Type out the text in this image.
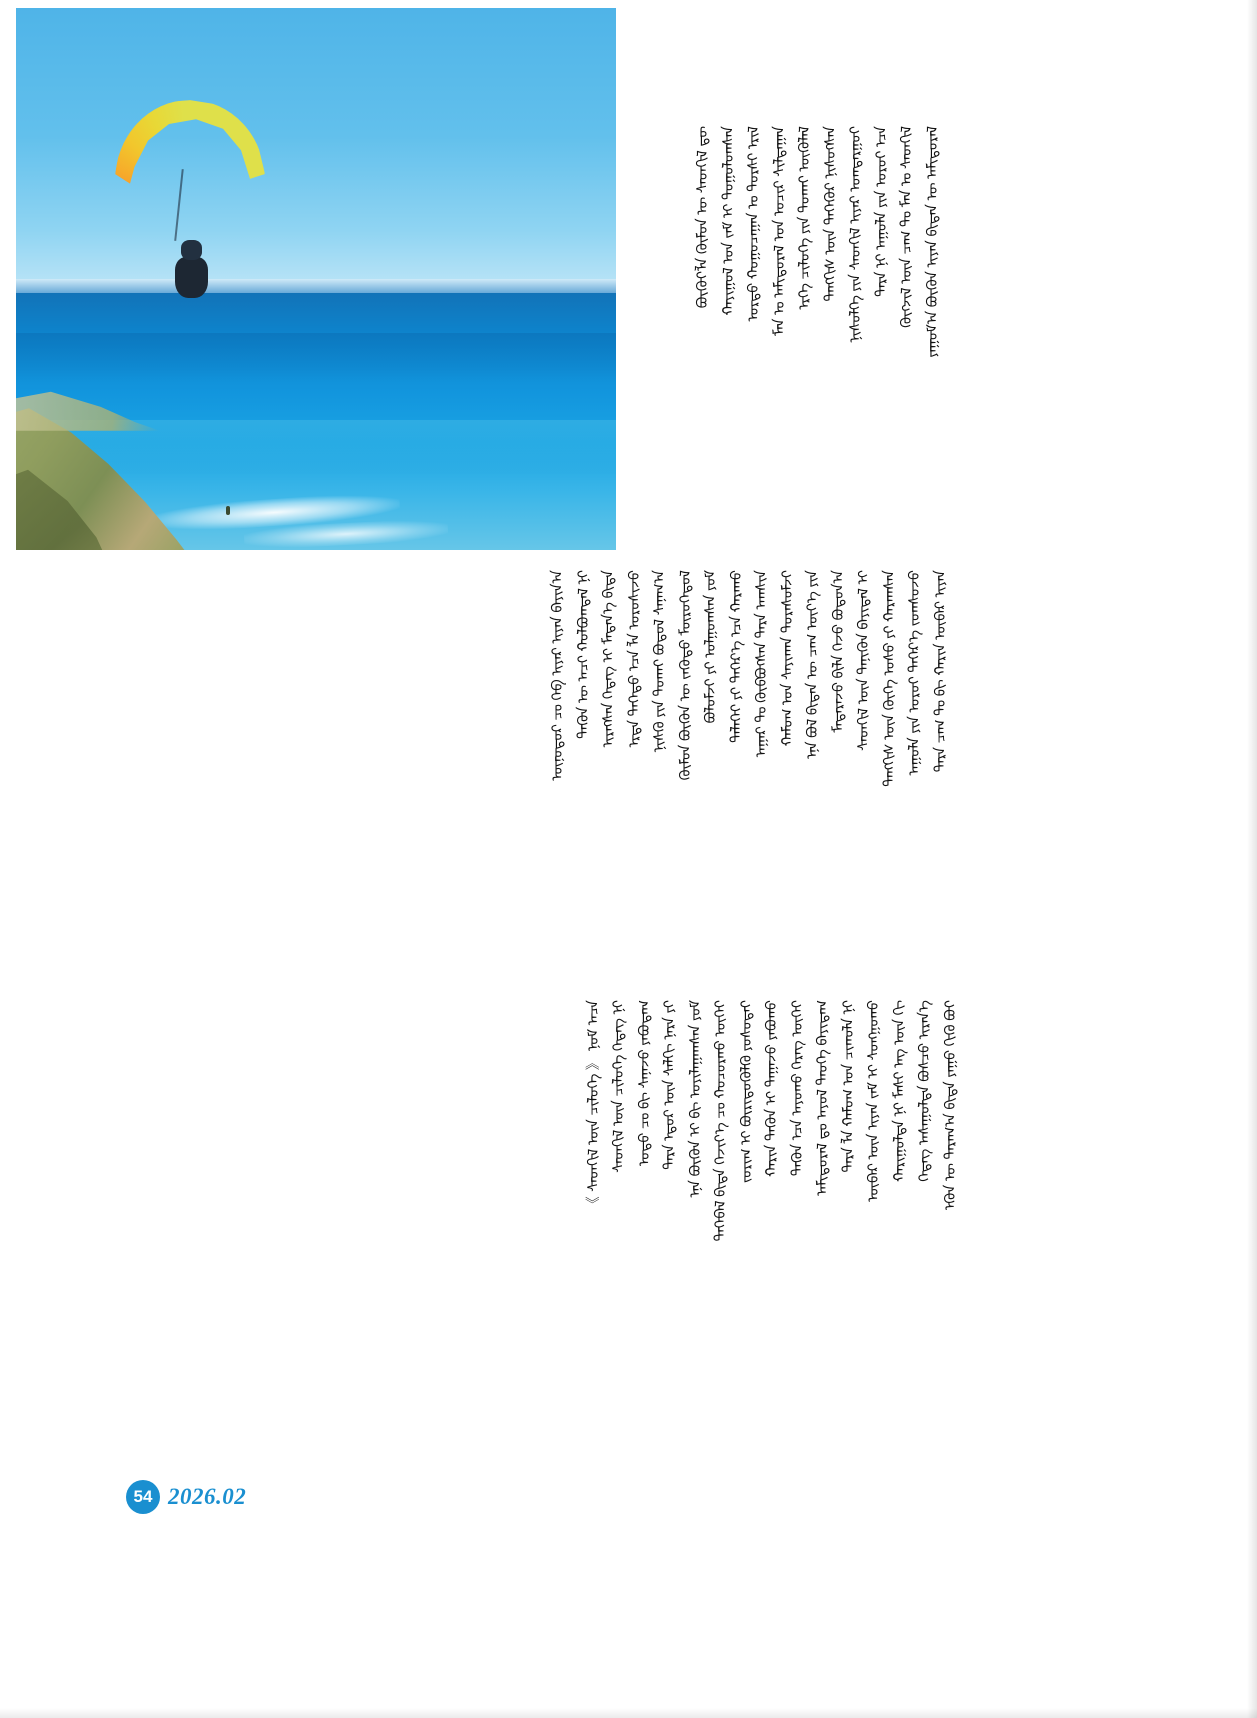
ᠶᠠᠭᠤᠮ᠎ᠠ ᠪᠦᠬᠦᠨ ᠢᠶᠡᠨ ᠪᠢᠳᠡᠨ ᠦ ᠠᠮᠢᠳᠤᠷᠠᠯ
ᠬᠥᠭᠵᠢᠯ ᠦᠨ ᠴᠠᠭ ᠲᠤ ᠮᠠᠨ ᠤ ᠰᠡᠳᠬᠢᠯ
ᠲᠡᠷᠡ ᠨᠢ ᠠᠭᠤᠯᠠ ᠶᠢᠨ ᠣᠷᠤᠢ ᠡᠴᠡ
ᠨᠢᠰᠦᠯᠭᠡ ᠶᠢᠨ ᠰᠡᠳᠬᠢᠯ ᠢᠶᠡᠷ ᠣᠭᠲᠠᠷᠭᠤᠢ
ᠲᠡᠩᠭᠢᠰ ᠦᠨ ᠳᠡᠭᠡᠭᠦᠷ ᠨᠢᠰᠦᠭᠰᠡᠨ
ᠡᠷᠬᠡ ᠴᠢᠯᠦᠭᠡ ᠶᠢᠨ ᠲᠤᠬᠠᠢ ᠥᠭᠦᠯᠡᠯ
ᠮᠠᠨ ᠤ ᠠᠮᠢᠳᠤᠷᠠᠯ ᠤᠨ ᠤᠴᠢᠷ ᠰᠢᠯᠲᠠᠭᠠᠨ
ᠤᠷᠲᠤ ᠬᠤᠭᠤᠴᠠᠭᠠᠨ ᠤ ᠲᠤᠷᠰᠢ ᠡᠷᠢᠯ
ᠬᠠᠶᠢᠭᠤᠯ ᠤᠨ ᠵᠠᠮ ᠢ ᠲᠤᠭᠤᠯᠤᠭᠰᠠᠨ
ᠪᠦᠬᠦᠢ᠎ᠯᠡ ᠬᠦᠮᠦᠨ ᠦ ᠰᠡᠳᠬᠢᠯ ᠳᠦ
ᠲᠡᠷᠡ ᠴᠠᠭ ᠲᠤ ᠪᠢ ᠬᠠᠷᠢᠨ ᠥᠪᠡᠷ ᠢᠶᠡᠨ
ᠠᠭᠤᠯᠠ ᠶᠢᠨ ᠣᠷᠤᠢ ᠳᠡᠭᠡᠷ᠎ᠡ ᠵᠣᠭᠰᠤᠵᠤ
ᠲᠡᠩᠭᠢᠰ ᠦᠨ ᠬᠥᠬᠡ ᠤᠰᠤ ᠶᠢ ᠬᠠᠷᠠᠭᠰᠠᠨ
ᠰᠡᠳᠬᠢᠯ ᠦᠨ ᠲᠡᠨᠢᠭᠦᠨ ᠪᠠᠶᠢᠳᠠᠯ ᠢ
ᠮᠡᠳᠡᠷᠡᠵᠦ ᠪᠢᠯᠡ ᠭᠡᠵᠦ ᠪᠣᠳᠤᠨ᠎ᠠ
ᠡᠨᠡ ᠪᠣᠯ ᠪᠢᠳᠡᠨ ᠦ ᠴᠠᠭ ᠦᠶ᠎ᠡ ᠶᠢᠨ
ᠬᠠᠮᠤᠭ ᠤᠨ ᠰᠠᠶᠢᠬᠠᠨ ᠳᠤᠷᠠᠰᠤᠮᠵᠢ
ᠠᠭᠠᠷ ᠲᠤ ᠬᠥᠪᠪᠦᠭᠰᠡᠨ ᠲᠡᠷᠡ ᠠᠭᠱᠢᠨ
ᠳᠡᠯᠡᠬᠡᠢ ᠶᠢ ᠳᠡᠭᠡᠷ᠎ᠡ ᠡᠴᠡ ᠬᠠᠷᠠᠬᠤ
ᠪᠣᠯᠤᠮᠵᠢ ᠶᠢ ᠣᠯᠭᠤᠭᠰᠠᠨ ᠶᠤᠮ
ᠬᠥᠮᠦᠨ ᠪᠦᠬᠦᠨ ᠦ ᠵᠡᠭᠦᠳᠦ ᠮᠥᠷᠦᠭᠡᠳᠦᠯ
ᠨᠢᠰᠬᠦ ᠶᠢᠨ ᠲᠤᠬᠠᠢ ᠪᠣᠳᠤᠯ ᠰᠠᠨᠠᠭ᠎ᠠ
ᠡᠷᠲᠡ ᠳᠡᠭᠡᠳᠦ ᠡᠴᠡ ᠯᠠ ᠣᠷᠤᠰᠢᠵᠤ
ᠢᠷᠡᠭᠰᠡᠨ ᠭᠡᠳᠡᠭ ᠢ ᠮᠡᠳᠡᠨ᠎ᠡ ᠪᠢᠳᠡ
ᠲᠡᠭᠦᠨ ᠦ ᠠᠴᠢ ᠬᠣᠯᠪᠤᠭᠳᠠᠯ ᠨᠢ
ᠥᠨᠥᠳᠦᠷ ᠴᠤ ᠬᠡᠪ ᠢᠶᠡᠷ ᠢᠶᠡᠨ ᠪᠠᠶᠢᠨ᠎ᠠ
ᠡᠭᠦᠨ ᠦ ᠳᠠᠷᠠᠭ᠎ᠠ ᠪᠢᠳᠡ ᠶᠠᠭᠤ ᠬᠢᠬᠦ ᠪᠤᠢ
ᠭᠡᠳᠡᠭ ᠠᠰᠠᠭᠤᠯᠲᠠ ᠪᠣᠰᠴᠤ ᠢᠷᠡᠨ᠎ᠡ
ᠬᠠᠷᠢᠭᠤᠯᠲᠠ ᠨᠢ ᠮᠠᠰᠢ ᠡᠩ ᠦᠨ ᠬᠢ
ᠥᠪᠡᠷ ᠦᠨ ᠢᠶᠡᠨ ᠵᠠᠮ ᠢ ᠰᠤᠩᠭᠤᠬᠤ
ᠲᠡᠷᠡ ᠯᠡ ᠬᠠᠮᠤᠭ ᠤᠨ ᠴᠢᠬᠤᠯᠠ ᠨᠢ
ᠠᠮᠢᠳᠤᠷᠠᠯ ᠳᠤ ᠠᠶᠤᠯ ᠲᠡᠦᠬᠡ ᠪᠠᠶᠢᠳᠠᠭ
ᠲᠡᠭᠦᠨ ᠡᠴᠡ ᠠᠶᠤᠬᠤ ᠬᠡᠷᠡᠭ ᠦᠭᠡᠢ
ᠬᠠᠷᠢᠨ ᠲᠡᠭᠦᠨ ᠢ ᠳᠠᠭᠠᠵᠤ ᠶᠠᠪᠤᠬᠤ
ᠵᠣᠷᠢᠭ ᠢ ᠪᠦᠷᠢᠳᠦᠭᠦᠯᠬᠦ ᠶᠣᠰᠤᠲᠠᠢ
ᠲᠡᠭᠡᠪᠡᠯ ᠪᠢᠳᠡ ᠬᠡᠵᠢᠶ᠎ᠡ ᠴᠤ ᠬᠣᠴᠤᠷᠬᠤ ᠦᠭᠡᠢ
ᠡᠨᠡ ᠪᠦᠬᠦᠨ ᠢ ᠪᠢ ᠣᠶᠢᠯᠠᠭᠠᠭᠰᠠᠨ ᠶᠤᠮ
ᠲᠡᠷᠡ ᠡᠳᠦᠷ ᠦᠨ ᠰᠠᠯᠬᠢ ᠨᠠᠷᠠ ᠶᠢ
ᠣᠳᠤ ᠴᠤ ᠪᠢ ᠰᠠᠨᠠᠵᠤ ᠶᠠᠪᠤᠳᠠᠭ
᠎ᠰᠡᠳᠬᠢᠯ ᠦᠨ ᠴᠢᠯᠦᠭᠡ ᠭᠡᠳᠡᠭ ᠨᠢ
《 ᠰᠡᠳᠬᠢᠯ ᠦᠨ ᠴᠢᠯᠦᠭᠡ 》 ᠨᠣᠮ ᠠᠴᠠ
54 2026.02
